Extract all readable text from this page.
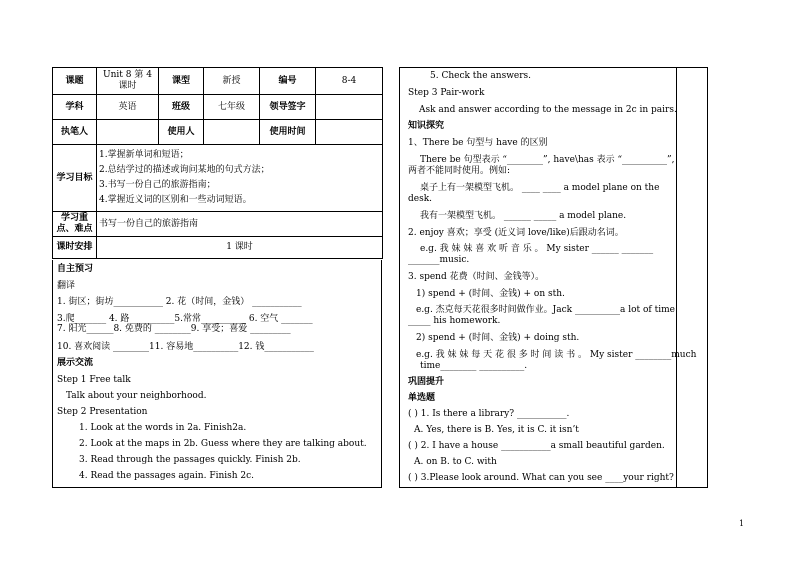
课题	Unit 8 第 4 课时	课型	新授	编号	8-4
学科	英语	班级	七年级	领导签字	
执笔人		使用人		使用时间	
学习目标	1.掌握新单词和短语；
2.总结学过的描述或询问某地的句式方法；
3.书写一份自己的旅游指南；
4.掌握近义词的区别和一些动词短语。				

学习重点、难点	书写一份自己的旅游指南				
课时安排	1 课时				
自主预习
翻译
1. 街区；街坊___________ 2. 花（时间，金钱） ___________
3.爬_______ 4. 路__________5.常常__________ 6. 空气 _______
7. 阳光______8. 免费的 ________9. 享受；喜爱 _________
10. 喜欢阅读 ________11. 容易地__________12. 钱___________
展示交流
Step 1 Free talk
Talk about your neighborhood.
Step 2 Presentation
1. Look at the words in 2a. Finish2a.
2. Look at the maps in 2b. Guess where they are talking about.
3. Read through the passages quickly. Finish 2b.
4. Read the passages again. Finish 2c.
5. Check the answers.
Step 3 Pair-work
Ask and answer according to the message in 2c in pairs.
知识探究
1、There be 句型与 have 的区别
There be 句型表示 “________”, have\has 表示 “__________”,
两者不能同时使用。例如:
桌子上有一架模型飞机。 ____ ____ a model plane on the
desk.
我有一架模型飞机。 ______ _____ a model plane.
2. enjoy 喜欢；享受 (近义词 love/like)后跟动名词。
e.g. 我 妹 妹 喜 欢 听 音 乐 。 My sister ______ _______
_______music.
3. spend 花费（时间、金钱等）。
1) spend + (时间、金钱) + on sth.
e.g. 杰克每天花很多时间做作业。Jack __________a lot of time
_____ his homework.
2) spend + (时间、金钱) + doing sth.
e.g. 我 妹 妹 每 天 花 很 多 时 间 读 书 。 My sister ________much
time________ __________.
巩固提升
单选题
( ) 1. Is there a library? ___________.
A. Yes, there is B. Yes, it is C. it isn’t
( ) 2. I have a house ___________a small beautiful garden.
A. on B. to C. with
( ) 3.Please look around. What can you see ____your right?
1
